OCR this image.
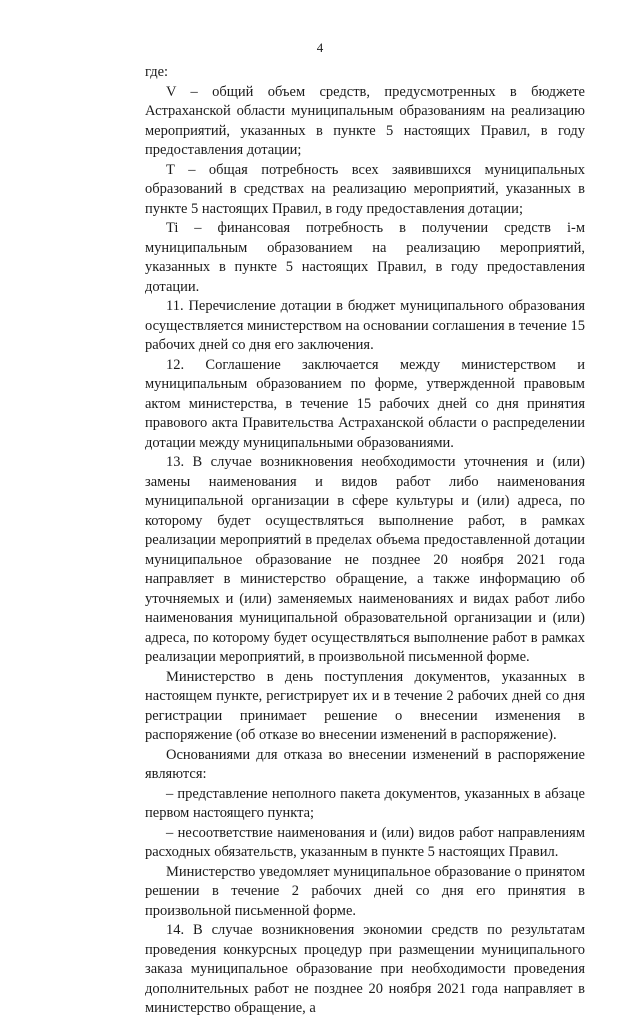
4

где:

V – общий объем средств, предусмотренных в бюджете Астраханской области муниципальным образованиям на реализацию мероприятий, указанных в пункте 5 настоящих Правил, в году предоставления дотации;

Т – общая потребность всех заявившихся муниципальных образований в средствах на реализацию мероприятий, указанных в пункте 5 настоящих Правил, в году предоставления дотации;

Ti – финансовая потребность в получении средств i-м муниципальным образованием на реализацию мероприятий, указанных в пункте 5 настоящих Правил, в году предоставления дотации.

11. Перечисление дотации в бюджет муниципального образования осуществляется министерством на основании соглашения в течение 15 рабочих дней со дня его заключения.

12. Соглашение заключается между министерством и муниципальным образованием по форме, утвержденной правовым актом министерства, в течение 15 рабочих дней со дня принятия правового акта Правительства Астраханской области о распределении дотации между муниципальными образованиями.

13. В случае возникновения необходимости уточнения и (или) замены наименования и видов работ либо наименования муниципальной организации в сфере культуры и (или) адреса, по которому будет осуществляться выполнение работ, в рамках реализации мероприятий в пределах объема предоставленной дотации муниципальное образование не позднее 20 ноября 2021 года направляет в министерство обращение, а также информацию об уточняемых и (или) заменяемых наименованиях и видах работ либо наименования муниципальной образовательной организации и (или) адреса, по которому будет осуществляться выполнение работ в рамках реализации мероприятий, в произвольной письменной форме.

Министерство в день поступления документов, указанных в настоящем пункте, регистрирует их и в течение 2 рабочих дней со дня регистрации принимает решение о внесении изменения в распоряжение (об отказе во внесении изменений в распоряжение).

Основаниями для отказа во внесении изменений в распоряжение являются:

– представление неполного пакета документов, указанных в абзаце первом настоящего пункта;

– несоответствие наименования и (или) видов работ направлениям расходных обязательств, указанным в пункте 5 настоящих Правил.

Министерство уведомляет муниципальное образование о принятом решении в течение 2 рабочих дней со дня его принятия в произвольной письменной форме.

14. В случае возникновения экономии средств по результатам проведения конкурсных процедур при размещении муниципального заказа муниципальное образование при необходимости проведения дополнительных работ не позднее 20 ноября 2021 года направляет в министерство обращение, а
